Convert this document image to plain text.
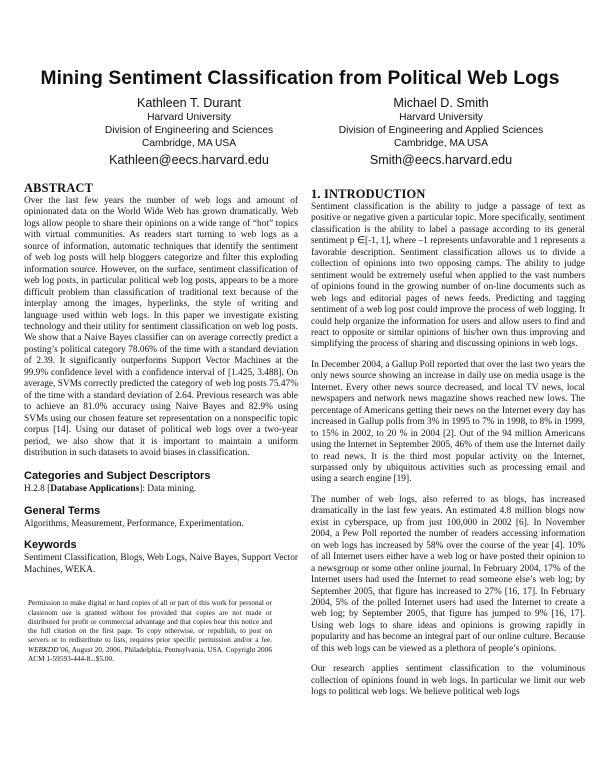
Mining Sentiment Classification from Political Web Logs
Kathleen T. Durant
Harvard University
Division of Engineering and Sciences
Cambridge, MA USA
Kathleen@eecs.harvard.edu
Michael D. Smith
Harvard University
Division of Engineering and Applied Sciences
Cambridge, MA USA
Smith@eecs.harvard.edu
ABSTRACT

Over the last few years the number of web logs and amount of opinionated data on the World Wide Web has grown dramatically. Web logs allow people to share their opinions on a wide range of “hot” topics with virtual communities. As readers start turning to web logs as a source of information, automatic techniques that identify the sentiment of web log posts will help bloggers categorize and filter this exploding information source. However, on the surface, sentiment classification of web log posts, in particular political web log posts, appears to be a more difficult problem than classification of traditional text because of the interplay among the images, hyperlinks, the style of writing and language used within web logs. In this paper we investigate existing technology and their utility for sentiment classification on web log posts. We show that a Naive Bayes classifier can on average correctly predict a posting’s political category 78.06% of the time with a standard deviation of 2.39. It significantly outperforms Support Vector Machines at the 99.9% confidence level with a confidence interval of [1.425, 3.488]. On average, SVMs correctly predicted the category of web log posts 75.47% of the time with a standard deviation of 2.64. Previous research was able to achieve an 81.0% accuracy using Naive Bayes and 82.9% using SVMs using our chosen feature set representation on a nonspecific topic corpus [14]. Using our dataset of political web logs over a two-year period, we also show that it is important to maintain a uniform distribution in such datasets to avoid biases in classification.

Categories and Subject Descriptors

H.2.8 [Database Applications]: Data mining.

General Terms

Algorithms, Measurement, Performance, Experimentation.

Keywords

Sentiment Classification, Blogs, Web Logs, Naive Bayes, Support Vector Machines, WEKA.

Permission to make digital or hard copies of all or part of this work for personal or classroom use is granted without fee provided that copies are not made or distributed for profit or commercial advantage and that copies bear this notice and the full citation on the first page. To copy otherwise, or republish, to post on servers or to redistribute to lists, requires prior specific permission and/or a fee. WEBKDD’06, August 20, 2006, Philadelphia, Pennsylvania, USA. Copyright 2006 ACM 1-59593-444-8...$5.00.

1. INTRODUCTION

Sentiment classification is the ability to judge a passage of text as positive or negative given a particular topic. More specifically, sentiment classification is the ability to label a passage according to its general sentiment p ∈[-1, 1], where –1 represents unfavorable and 1 represents a favorable description. Sentiment classification allows us to divide a collection of opinions into two opposing camps. The ability to judge sentiment would be extremely useful when applied to the vast numbers of opinions found in the growing number of on-line documents such as web logs and editorial pages of news feeds. Predicting and tagging sentiment of a web log post could improve the process of web logging. It could help organize the information for users and allow users to find and react to opposite or similar opinions of his/her own thus improving and simplifying the process of sharing and discussing opinions in web logs.

In December 2004, a Gallup Poll reported that over the last two years the only news source showing an increase in daily use on media usage is the Internet. Every other news source decreased, and local TV news, local newspapers and network news magazine shows reached new lows. The percentage of Americans getting their news on the Internet every day has increased in Gallup polls from 3% in 1995 to 7% in 1998, to 8% in 1999, to 15% in 2002, to 20 % in 2004 [2]. Out of the 94 million Americans using the Internet in September 2005, 46% of them use the Internet daily to read news. It is the third most popular activity on the Internet, surpassed only by ubiquitous activities such as processing email and using a search engine [19].

The number of web logs, also referred to as blogs, has increased dramatically in the last few years. An estimated 4.8 million blogs now exist in cyberspace, up from just 100,000 in 2002 [6]. In November 2004, a Pew Poll reported the number of readers accessing information on web logs has increased by 58% over the course of the year [4]. 10% of all Internet users either have a web log or have posted their opinion to a newsgroup or some other online journal. In February 2004, 17% of the Internet users had used the Internet to read someone else’s web log; by September 2005, that figure has increased to 27% [16, 17]. In February 2004, 5% of the polled Internet users had used the Internet to create a web log; by September 2005, that figure has jumped to 9% [16, 17]. Using web logs to share ideas and opinions is growing rapidly in popularity and has become an integral part of our online culture. Because of this web logs can be viewed as a plethora of people’s opinions.

Our research applies sentiment classification to the voluminous collection of opinions found in web logs. In particular we limit our web logs to political web logs. We believe political web logs
